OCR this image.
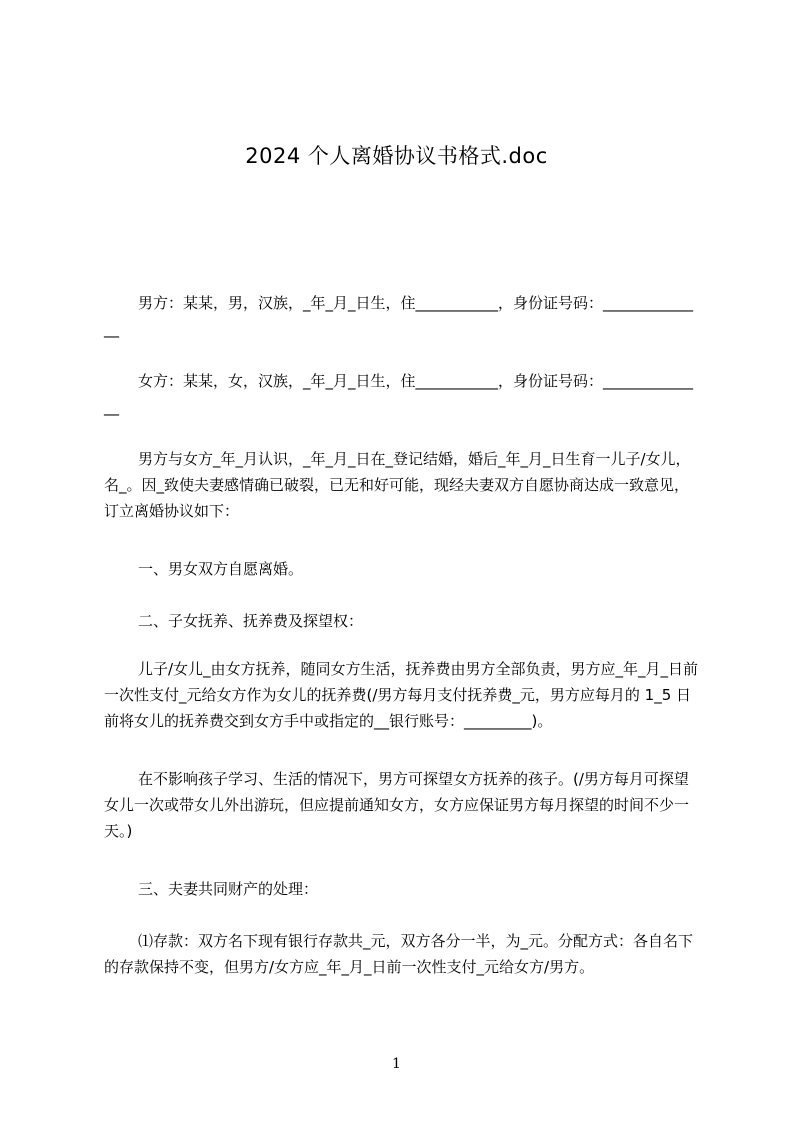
2024 个人离婚协议书格式.doc

男方：某某，男，汉族，_年_月_日生，住___________，身份证号码：______________

女方：某某，女，汉族，_年_月_日生，住___________，身份证号码：______________

男方与女方_年_月认识，_年_月_日在_登记结婚，婚后_年_月_日生育一儿子/女儿，名_。因_致使夫妻感情确已破裂，已无和好可能，现经夫妻双方自愿协商达成一致意见，订立离婚协议如下：

一、男女双方自愿离婚。

二、子女抚养、抚养费及探望权：

儿子/女儿_由女方抚养，随同女方生活，抚养费由男方全部负责，男方应_年_月_日前一次性支付_元给女方作为女儿的抚养费(/男方每月支付抚养费_元，男方应每月的 1_5 日前将女儿的抚养费交到女方手中或指定的__银行账号：_________)。

在不影响孩子学习、生活的情况下，男方可探望女方抚养的孩子。(/男方每月可探望女儿一次或带女儿外出游玩，但应提前通知女方，女方应保证男方每月探望的时间不少一天。)

三、夫妻共同财产的处理：

⑴存款：双方名下现有银行存款共_元，双方各分一半，为_元。分配方式：各自名下的存款保持不变，但男方/女方应_年_月_日前一次性支付_元给女方/男方。

1
